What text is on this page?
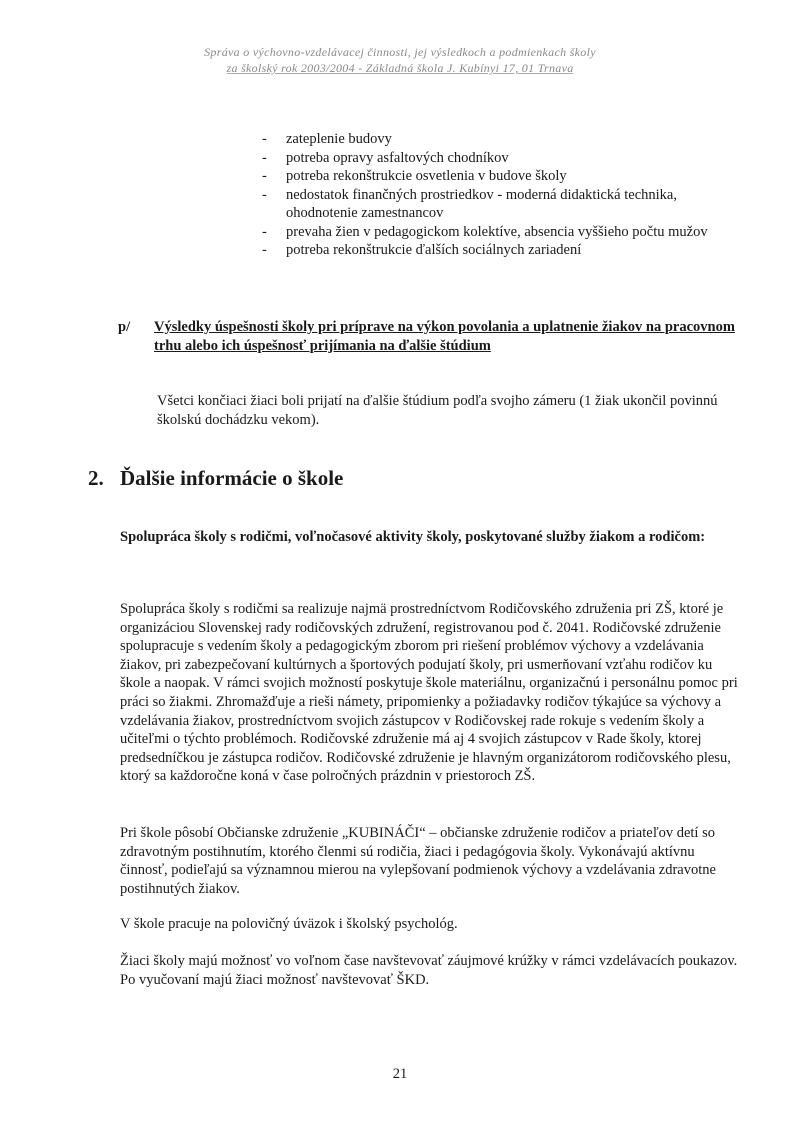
Správa o výchovno-vzdelávacej činnosti, jej výsledkoch a podmienkach školy
za školský rok 2003/2004 - Základná škola J. Kubínyi 17, 01 Trnava
- zateplenie budovy
- potreba opravy asfaltových chodníkov
- potreba rekonštrukcie osvetlenia v budove školy
- nedostatok finančných prostriedkov - moderná didaktická technika, ohodnotenie zamestnancov
- prevaha žien v pedagogickom kolektíve, absencia vyššieho počtu mužov
- potreba rekonštrukcie ďalších sociálnych zariadení
p/ Výsledky úspešnosti školy pri príprave na výkon povolania a uplatnenie žiakov na pracovnom trhu alebo ich úspešnosť prijímania na ďalšie štúdium

Všetci končiaci žiaci boli prijatí na ďalšie štúdium podľa svojho zámeru (1 žiak ukončil povinnú školskú dochádzku vekom).

2. Ďalšie informácie o škole
Spolupráca školy s rodičmi, voľnočasové aktivity školy, poskytované služby žiakom a rodičom:

Spolupráca školy s rodičmi sa realizuje najmä prostredníctvom Rodičovského združenia pri ZŠ, ktoré je organizáciou Slovenskej rady rodičovských združení, registrovanou pod č. 2041. Rodičovské združenie spolupracuje s vedením školy a pedagogickým zborom pri riešení problémov výchovy a vzdelávania žiakov, pri zabezpečovaní kultúrnych a športových podujatí školy, pri usmerňovaní vzťahu rodičov ku škole a naopak. V rámci svojich možností poskytuje škole materiálnu, organizačnú i personálnu pomoc pri práci so žiakmi. Zhromažďuje a rieši námety, pripomienky a požiadavky rodičov týkajúce sa výchovy a vzdelávania žiakov, prostredníctvom svojich zástupcov v Rodičovskej rade rokuje s vedením školy a učiteľmi o týchto problémoch. Rodičovské združenie má aj 4 svojich zástupcov v Rade školy, ktorej predsedníčkou je zástupca rodičov. Rodičovské združenie je hlavným organizátorom rodičovského plesu, ktorý sa každoročne koná v čase polročných prázdnin v priestoroch ZŠ.

Pri škole pôsobí Občianske združenie „KUBINÁČI“ – občianske združenie rodičov a priateľov detí so zdravotným postihnutím, ktorého členmi sú rodičia, žiaci i pedagógovia školy. Vykonávajú aktívnu činnosť, podieľajú sa významnou mierou na vylepšovaní podmienok výchovy a vzdelávania zdravotne postihnutých žiakov.

V škole pracuje na polovičný úväzok i školský psychológ.

Žiaci školy majú možnosť vo voľnom čase navštevovať záujmové krúžky v rámci vzdelávacích poukazov. Po vyučovaní majú žiaci možnosť navštevovať ŠKD.

21
